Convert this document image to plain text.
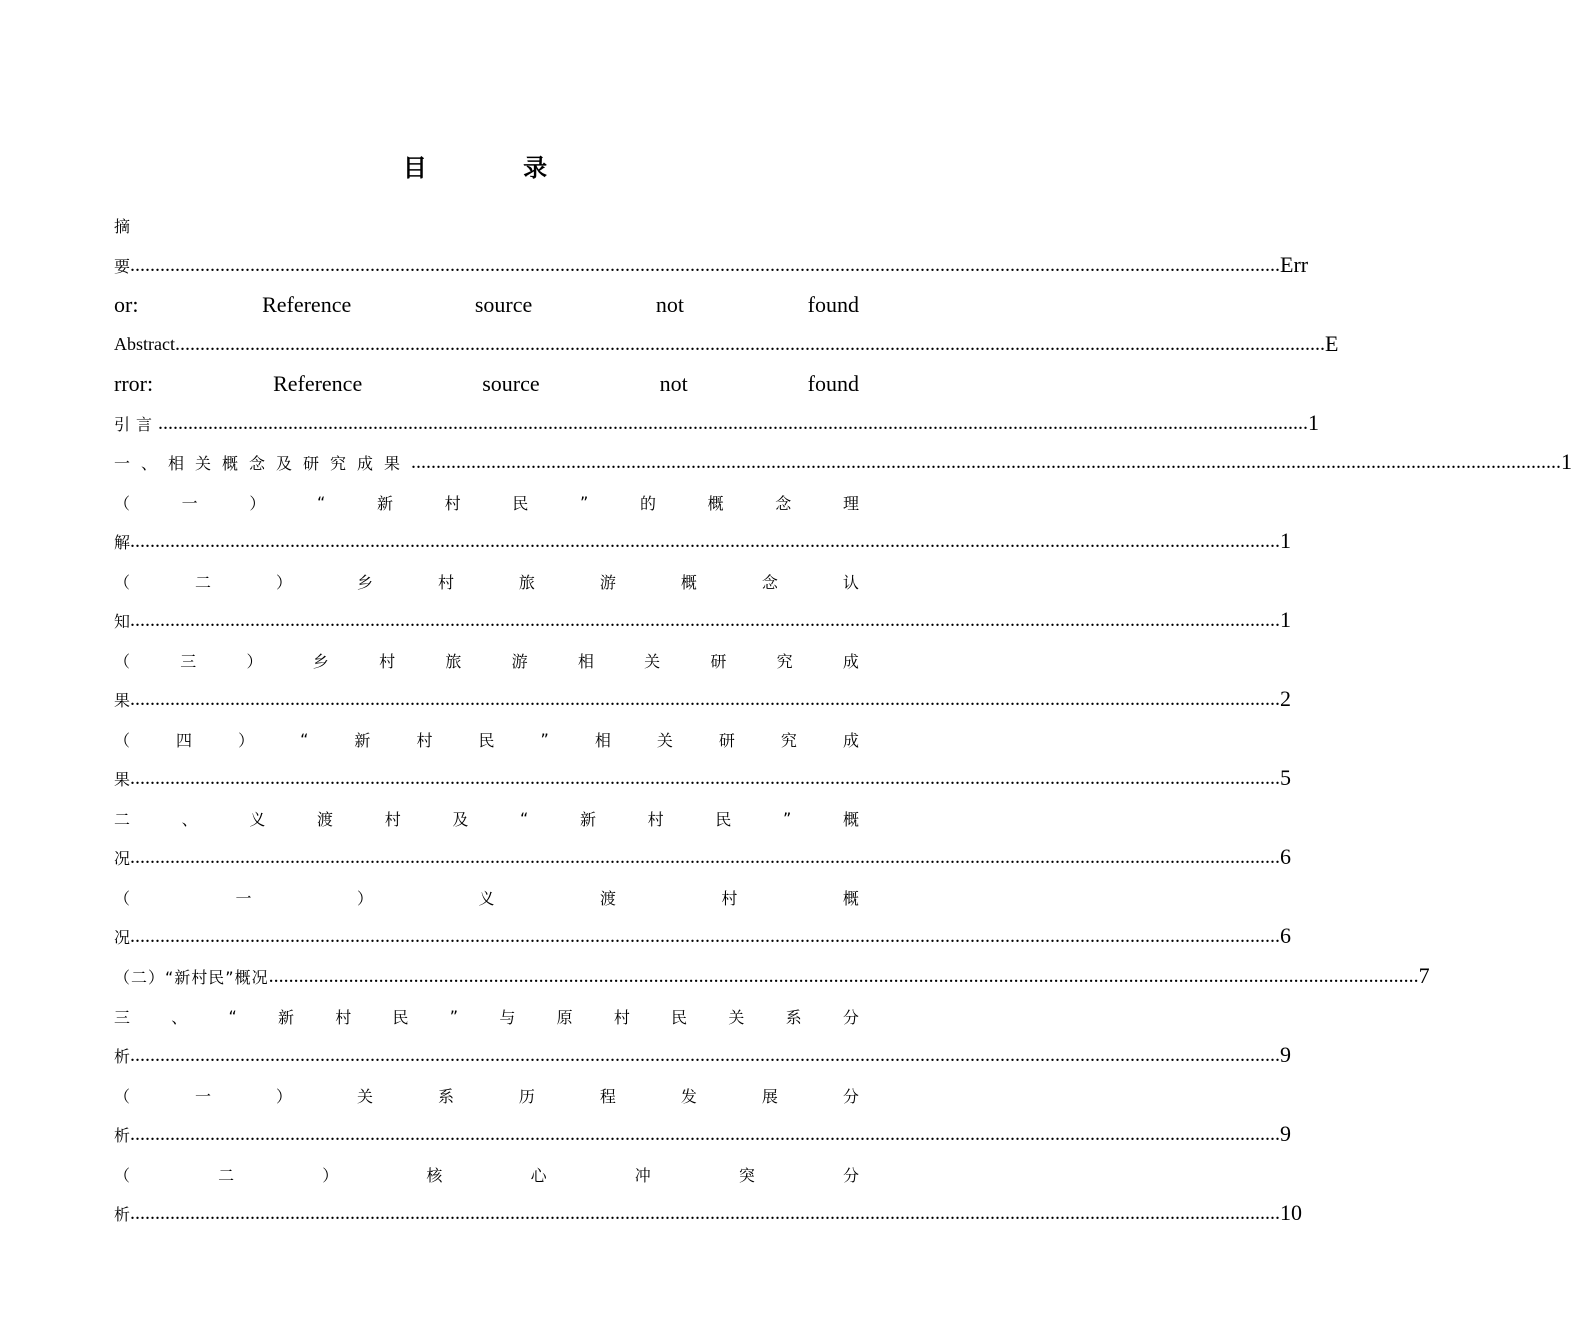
目 录
摘
要 ...................................................................................................................................................................................................................................... Err
or:	Reference	source	not	found
Abstract ...................................................................................................................................................................................................................................... E
rror:	Reference	source	not	found
引言 ...................................................................................................................................................................................................................................... 1
一、相关概念及研究成果 ...................................................................................................................................................................................................................................... 1
（	一	）	“	新	村	民	”	的	概	念	理
解 ...................................................................................................................................................................................................................................... 1
（	二	）	乡	村	旅	游	概	念	认
知 ...................................................................................................................................................................................................................................... 1
（	三	）	乡	村	旅	游	相	关	研	究	成
果 ...................................................................................................................................................................................................................................... 2
（	四	）	“	新	村	民	”	相	关	研	究	成
果 ...................................................................................................................................................................................................................................... 5
二	、	义	渡	村	及	“	新	村	民	”	概
况 ...................................................................................................................................................................................................................................... 6
（	一	）	义	渡	村	概
况 ...................................................................................................................................................................................................................................... 6
（二）“新村民”概况 ...................................................................................................................................................................................................................................... 7
三	、	“	新	村	民	”	与	原	村	民	关	系	分
析 ...................................................................................................................................................................................................................................... 9
（	一	）	关	系	历	程	发	展	分
析 ...................................................................................................................................................................................................................................... 9
（	二	）	核	心	冲	突	分
析 ...................................................................................................................................................................................................................................... 10
